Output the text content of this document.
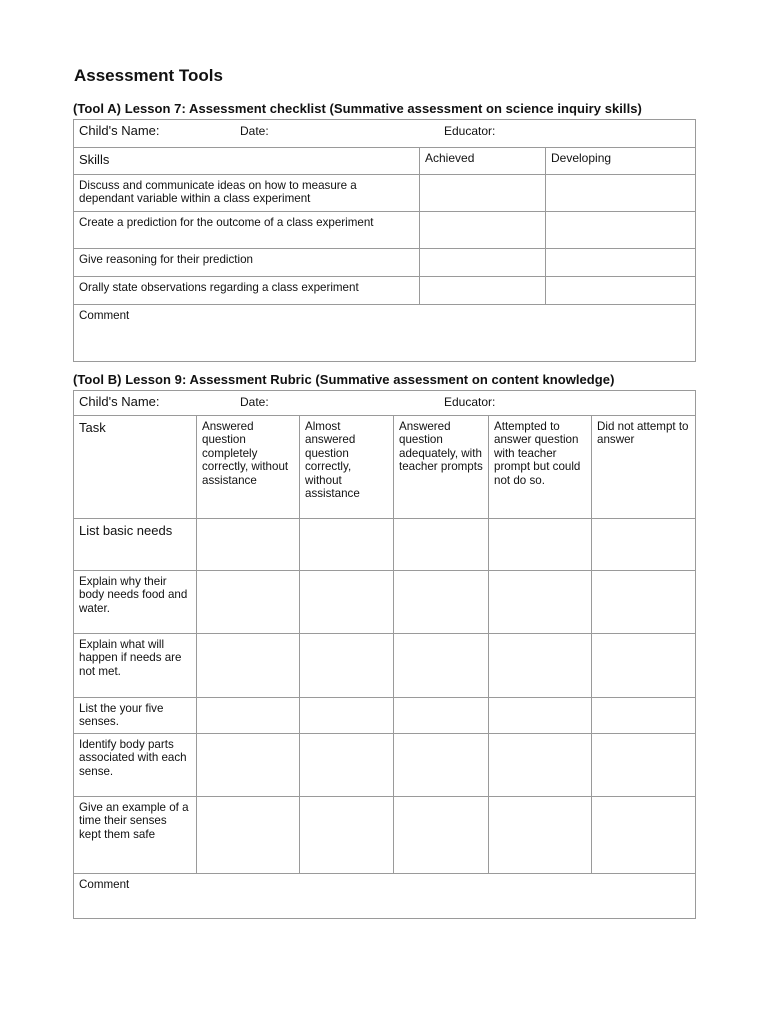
Assessment Tools
(Tool A) Lesson 7: Assessment checklist (Summative assessment on science inquiry skills)
Child's Name: Date: Educator:		

Skills	Achieved	Developing
Discuss and communicate ideas on how to measure a dependant variable within a class experiment		
Create a prediction for the outcome of a class experiment		
Give reasoning for their prediction		
Orally state observations regarding a class experiment		
Comment		
(Tool B) Lesson 9: Assessment Rubric (Summative assessment on content knowledge)
Child's Name: Date: Educator:					

Task	Answered question completely correctly, without assistance	Almost answered question correctly, without assistance	Answered question adequately, with teacher prompts	Attempted to answer question with teacher prompt but could not do so.	Did not attempt to answer
List basic needs					
Explain why their body needs food and water.					
Explain what will happen if needs are not met.					
List the your five senses.					
Identify body parts associated with each sense.					
Give an example of a time their senses kept them safe					
Comment					
